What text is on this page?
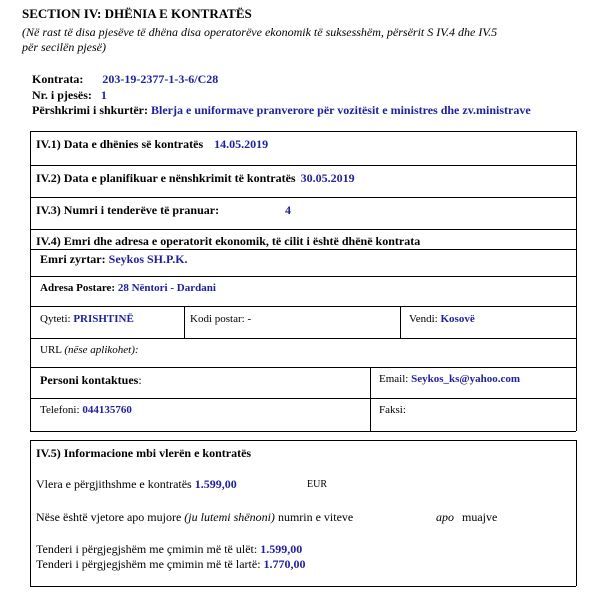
SECTION IV: DHËNIA E KONTRATËS
(Në rast të disa pjesëve të dhëna disa operatorëve ekonomik të suksesshëm, përsërit S IV.4 dhe IV.5
për secilën pjesë)
Kontrata: 203-19-2377-1-3-6/C28
Nr. i pjesës: 1
Përshkrimi i shkurtër: Blerja e uniformave pranverore për vozitësit e ministres dhe zv.ministrave
IV.1) Data e dhënies së kontratës 14.05.2019
IV.2) Data e planifikuar e nënshkrimit të kontratës 30.05.2019
IV.3) Numri i tenderëve të pranuar:	4
IV.4) Emri dhe adresa e operatorit ekonomik, të cilit i është dhënë kontrata
Emri zyrtar: Seykos SH.P.K.
Adresa Postare: 28 Nëntori - Dardani
Qyteti: PRISHTINË	Kodi postar: -	Vendi: Kosovë
URL (nëse aplikohet):
Personi kontaktues:	Email: Seykos_ks@yahoo.com
Telefoni: 044135760	Faksi:
IV.5) Informacione mbi vlerën e kontratës
Vlera e përgjithshme e kontratës 1.599,00	EUR
Nëse është vjetore apo mujore (ju lutemi shënoni) numrin e viteve	apo muajve
Tenderi i përgjegjshëm me çmimin më të ulët: 1.599,00
Tenderi i përgjegjshëm me çmimin më të lartë: 1.770,00
